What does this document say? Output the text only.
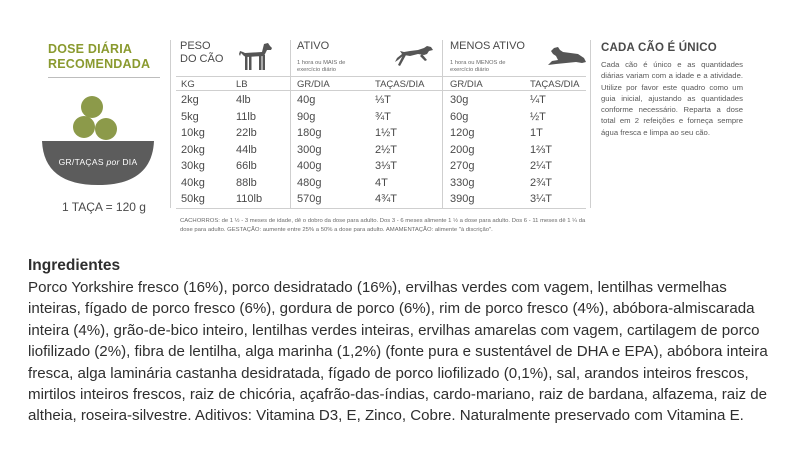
DOSE DIÁRIA
RECOMENDADA
GR/TAÇAS por DIA
1 TAÇA = 120 g
PESO
DO CÃO
ATIVO
1 hora ou MAIS de
exercício diário
MENOS ATIVO
1 hora ou MENOS de
exercício diário
KG	LB	GR/DIA	TAÇAS/DIA	GR/DIA	TAÇAS/DIA
2kg	4lb	40g	⅓T	30g	¼T
5kg	11lb	90g	¾T	60g	½T
10kg	22lb	180g	1½T	120g	1T
20kg	44lb	300g	2½T	200g	1⅔T
30kg	66lb	400g	3⅓T	270g	2¼T
40kg	88lb	480g	4T	330g	2¾T
50kg	110lb	570g	4¾T	390g	3¼T
CACHORROS: de 1 ½ - 3 meses de idade, dê o dobro da dose para adulto. Dos 3 - 6 meses alimente 1 ½ a dose para adulto. Dos 6 - 11 meses dê 1 ¼ da dose para adulto. GESTAÇÃO: aumente entre 25% a 50% a dose para adulto. AMAMENTAÇÃO: alimente "à discrição".
CADA CÃO É ÚNICO
Cada cão é único e as quantidades diárias variam com a idade e a atividade. Utilize por favor este quadro como um guia inicial, ajustando as quantidades conforme necessário. Reparta a dose total em 2 refeições e forneça sempre água fresca e limpa ao seu cão.
Ingredientes
Porco Yorkshire fresco (16%), porco desidratado (16%), ervilhas verdes com vagem, lentilhas vermelhas inteiras, fígado de porco fresco (6%), gordura de porco (6%), rim de porco fresco (4%), abóbora-almiscarada inteira (4%), grão-de-bico inteiro, lentilhas verdes inteiras, ervilhas amarelas com vagem, cartilagem de porco liofilizado (2%), fibra de lentilha, alga marinha (1,2%) (fonte pura e sustentável de DHA e EPA), abóbora inteira fresca, alga laminária castanha desidratada, fígado de porco liofilizado (0,1%), sal, arandos inteiros frescos, mirtilos inteiros frescos, raiz de chicória, açafrão-das-índias, cardo-mariano, raiz de bardana, alfazema, raiz de altheia, roseira-silvestre. Aditivos: Vitamina D3, E, Zinco, Cobre. Naturalmente preservado com Vitamina E.
